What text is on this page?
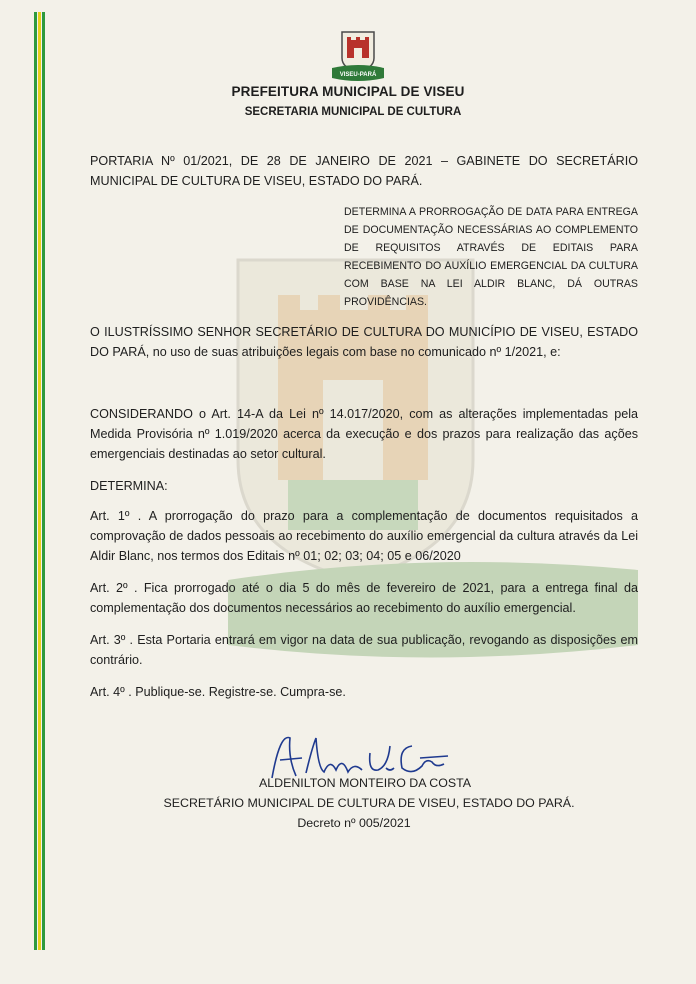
VISEU-PARÁ
PREFEITURA MUNICIPAL DE VISEU
SECRETARIA MUNICIPAL DE CULTURA
PORTARIA Nº 01/2021, DE 28 DE JANEIRO DE 2021 – GABINETE DO SECRETÁRIO MUNICIPAL DE CULTURA DE VISEU, ESTADO DO PARÁ.
DETERMINA A PRORROGAÇÃO DE DATA PARA ENTREGA DE DOCUMENTAÇÃO NECESSÁRIAS AO COMPLEMENTO DE REQUISITOS ATRAVÉS DE EDITAIS PARA RECEBIMENTO DO AUXÍLIO EMERGENCIAL DA CULTURA COM BASE NA LEI ALDIR BLANC, DÁ OUTRAS PROVIDÊNCIAS.
O ILUSTRÍSSIMO SENHOR SECRETÁRIO DE CULTURA DO MUNICÍPIO DE VISEU, ESTADO DO PARÁ, no uso de suas atribuições legais com base no comunicado nº 1/2021, e:
CONSIDERANDO o Art. 14-A da Lei nº 14.017/2020, com as alterações implementadas pela Medida Provisória nº 1.019/2020 acerca da execução e dos prazos para realização das ações emergenciais destinadas ao setor cultural.
DETERMINA:
Art. 1º . A prorrogação do prazo para a complementação de documentos requisitados a comprovação de dados pessoais ao recebimento do auxílio emergencial da cultura através da Lei Aldir Blanc, nos termos dos Editais nº 01; 02; 03; 04; 05 e 06/2020
Art. 2º . Fica prorrogado até o dia 5 do mês de fevereiro de 2021, para a entrega final da complementação dos documentos necessários ao recebimento do auxílio emergencial.
Art. 3º . Esta Portaria entrará em vigor na data de sua publicação, revogando as disposições em contrário.
Art. 4º . Publique-se. Registre-se. Cumpra-se.
ALDENILTON MONTEIRO DA COSTA
SECRETÁRIO MUNICIPAL DE CULTURA DE VISEU, ESTADO DO PARÁ.
Decreto nº 005/2021
